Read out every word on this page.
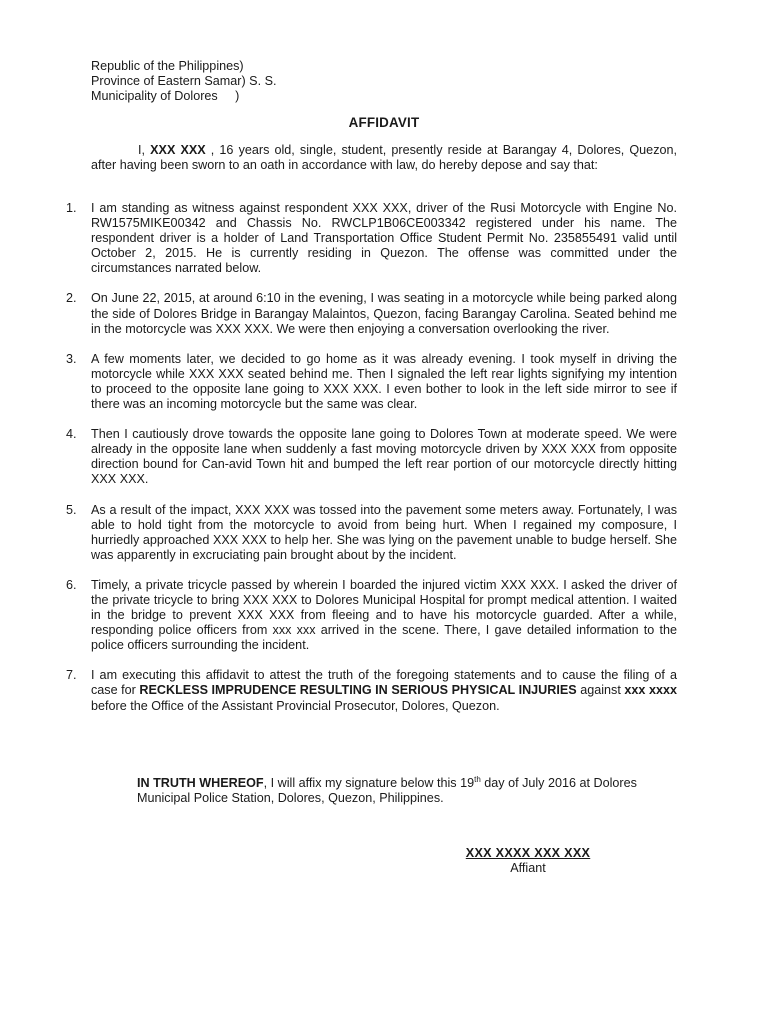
Republic of the Philippines)
Province of Eastern Samar) S. S.
Municipality of Dolores     )
AFFIDAVIT
I, XXX XXX , 16 years old, single, student, presently reside at Barangay 4, Dolores, Quezon, after having been sworn to an oath in accordance with law, do hereby depose and say that:
1. I am standing as witness against respondent XXX XXX, driver of the Rusi Motorcycle with Engine No. RW1575MIKE00342 and Chassis No. RWCLP1B06CE003342 registered under his name. The respondent driver is a holder of Land Transportation Office Student Permit No. 235855491 valid until October 2, 2015. He is currently residing in Quezon. The offense was committed under the circumstances narrated below.
2. On June 22, 2015, at around 6:10 in the evening, I was seating in a motorcycle while being parked along the side of Dolores Bridge in Barangay Malaintos, Quezon, facing Barangay Carolina. Seated behind me in the motorcycle was XXX XXX. We were then enjoying a conversation overlooking the river.
3. A few moments later, we decided to go home as it was already evening. I took myself in driving the motorcycle while XXX XXX seated behind me. Then I signaled the left rear lights signifying my intention to proceed to the opposite lane going to XXX XXX. I even bother to look in the left side mirror to see if there was an incoming motorcycle but the same was clear.
4. Then I cautiously drove towards the opposite lane going to Dolores Town at moderate speed. We were already in the opposite lane when suddenly a fast moving motorcycle driven by XXX XXX from opposite direction bound for Can-avid Town hit and bumped the left rear portion of our motorcycle directly hitting XXX XXX.
5. As a result of the impact, XXX XXX was tossed into the pavement some meters away. Fortunately, I was able to hold tight from the motorcycle to avoid from being hurt. When I regained my composure, I hurriedly approached XXX XXX to help her. She was lying on the pavement unable to budge herself. She was apparently in excruciating pain brought about by the incident.
6. Timely, a private tricycle passed by wherein I boarded the injured victim XXX XXX. I asked the driver of the private tricycle to bring XXX XXX to Dolores Municipal Hospital for prompt medical attention. I waited in the bridge to prevent XXX XXX from fleeing and to have his motorcycle guarded. After a while, responding police officers from xxx xxx arrived in the scene. There, I gave detailed information to the police officers surrounding the incident.
7. I am executing this affidavit to attest the truth of the foregoing statements and to cause the filing of a case for RECKLESS IMPRUDENCE RESULTING IN SERIOUS PHYSICAL INJURIES against xxx xxxx before the Office of the Assistant Provincial Prosecutor, Dolores, Quezon.
IN TRUTH WHEREOF, I will affix my signature below this 19th day of July 2016 at Dolores Municipal Police Station, Dolores, Quezon, Philippines.
XXX XXXX XXX XXX
Affiant
